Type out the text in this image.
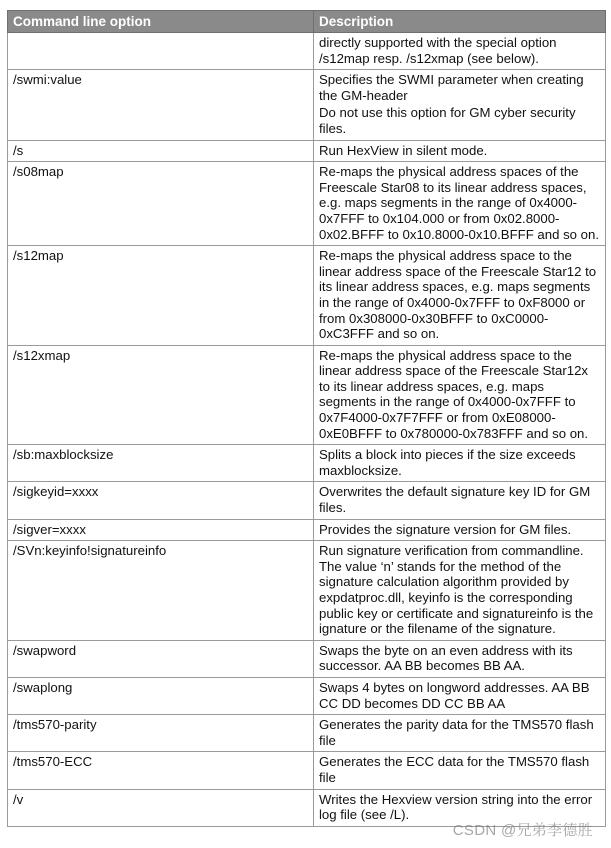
Command line option	Description

	directly supported with the special option /s12map resp. /s12xmap (see below).

/swmi:value	Specifies the SWMI parameter when creating the GM-header

Do not use this option for GM cyber security files.

/s	Run HexView in silent mode.

/s08map	Re-maps the physical address spaces of the Freescale Star08 to its linear address spaces, e.g. maps segments in the range of 0x4000-0x7FFF to 0x104.000 or from 0x02.8000-0x02.BFFF to 0x10.8000-0x10.BFFF and so on.

/s12map	Re-maps the physical address space to the linear address space of the Freescale Star12 to its linear address spaces, e.g. maps segments in the range of 0x4000-0x7FFF to 0xF8000 or from 0x308000-0x30BFFF to 0xC0000-0xC3FFF and so on.

/s12xmap	Re-maps the physical address space to the linear address space of the Freescale Star12x to its linear address spaces, e.g. maps segments in the range of 0x4000-0x7FFF to 0x7F4000-0x7F7FFF or from 0xE08000-0xE0BFFF to 0x780000-0x783FFF and so on.

/sb:maxblocksize	Splits a block into pieces if the size exceeds maxblocksize.

/sigkeyid=xxxx	Overwrites the default signature key ID for GM files.

/sigver=xxxx	Provides the signature version for GM files.

/SVn:keyinfo!signatureinfo	Run signature verification from commandline. The value ‘n’ stands for the method of the signature calculation algorithm provided by expdatproc.dll, keyinfo is the corresponding public key or certificate and signatureinfo is the ignature or the filename of the signature.

/swapword	Swaps the byte on an even address with its successor. AA BB becomes BB AA.

/swaplong	Swaps 4 bytes on longword addresses. AA BB CC DD becomes DD CC BB AA

/tms570-parity	Generates the parity data for the TMS570 flash file

/tms570-ECC	Generates the ECC data for the TMS570 flash file

/v	Writes the Hexview version string into the error log file (see /L).

CSDN @兄弟李德胜
